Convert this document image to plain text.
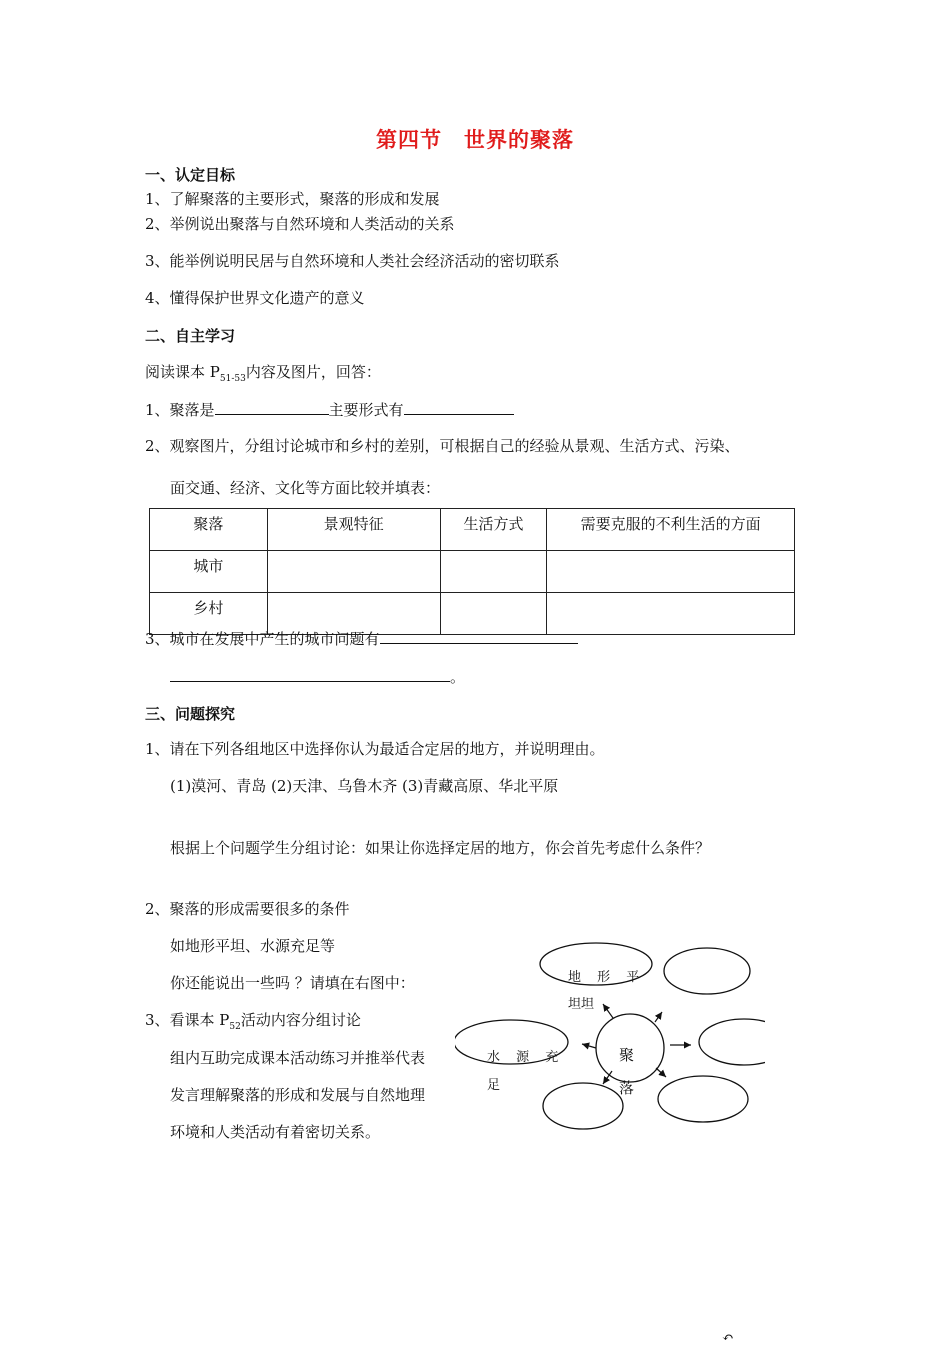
第四节　世界的聚落
一、认定目标
1、了解聚落的主要形式，聚落的形成和发展
2、举例说出聚落与自然环境和人类活动的关系
3、能举例说明民居与自然环境和人类社会经济活动的密切联系
4、懂得保护世界文化遗产的意义
二、自主学习
阅读课本 $P_{51-53}$内容及图片，回答：
1、聚落是	主要形式有
2、观察图片，分组讨论城市和乡村的差别，可根据自己的经验从景观、生活方式、污染、
面交通、经济、文化等方面比较并填表：
聚落	景观特征	生活方式	需要克服的不利生活的方面
城市			
乡村			
3、城市在发展中产生的城市问题有
。
三、问题探究
1、请在下列各组地区中选择你认为最适合定居的地方，并说明理由。
(1)漠河、青岛 (2)天津、乌鲁木齐 (3)青藏高原、华北平原
根据上个问题学生分组讨论：如果让你选择定居的地方，你会首先考虑什么条件？
2、聚落的形成需要很多的条件
如地形平坦、水源充足等
你还能说出一些吗 ？请填在右图中：
3、看课本 $P_{52}$活动内容分组讨论
组内互助完成课本活动练习并推举代表
发言理解聚落的形成和发展与自然地理
环境和人类活动有着密切关系。
地 形 平
坦坦
水 源 充
足
聚
落
↶
